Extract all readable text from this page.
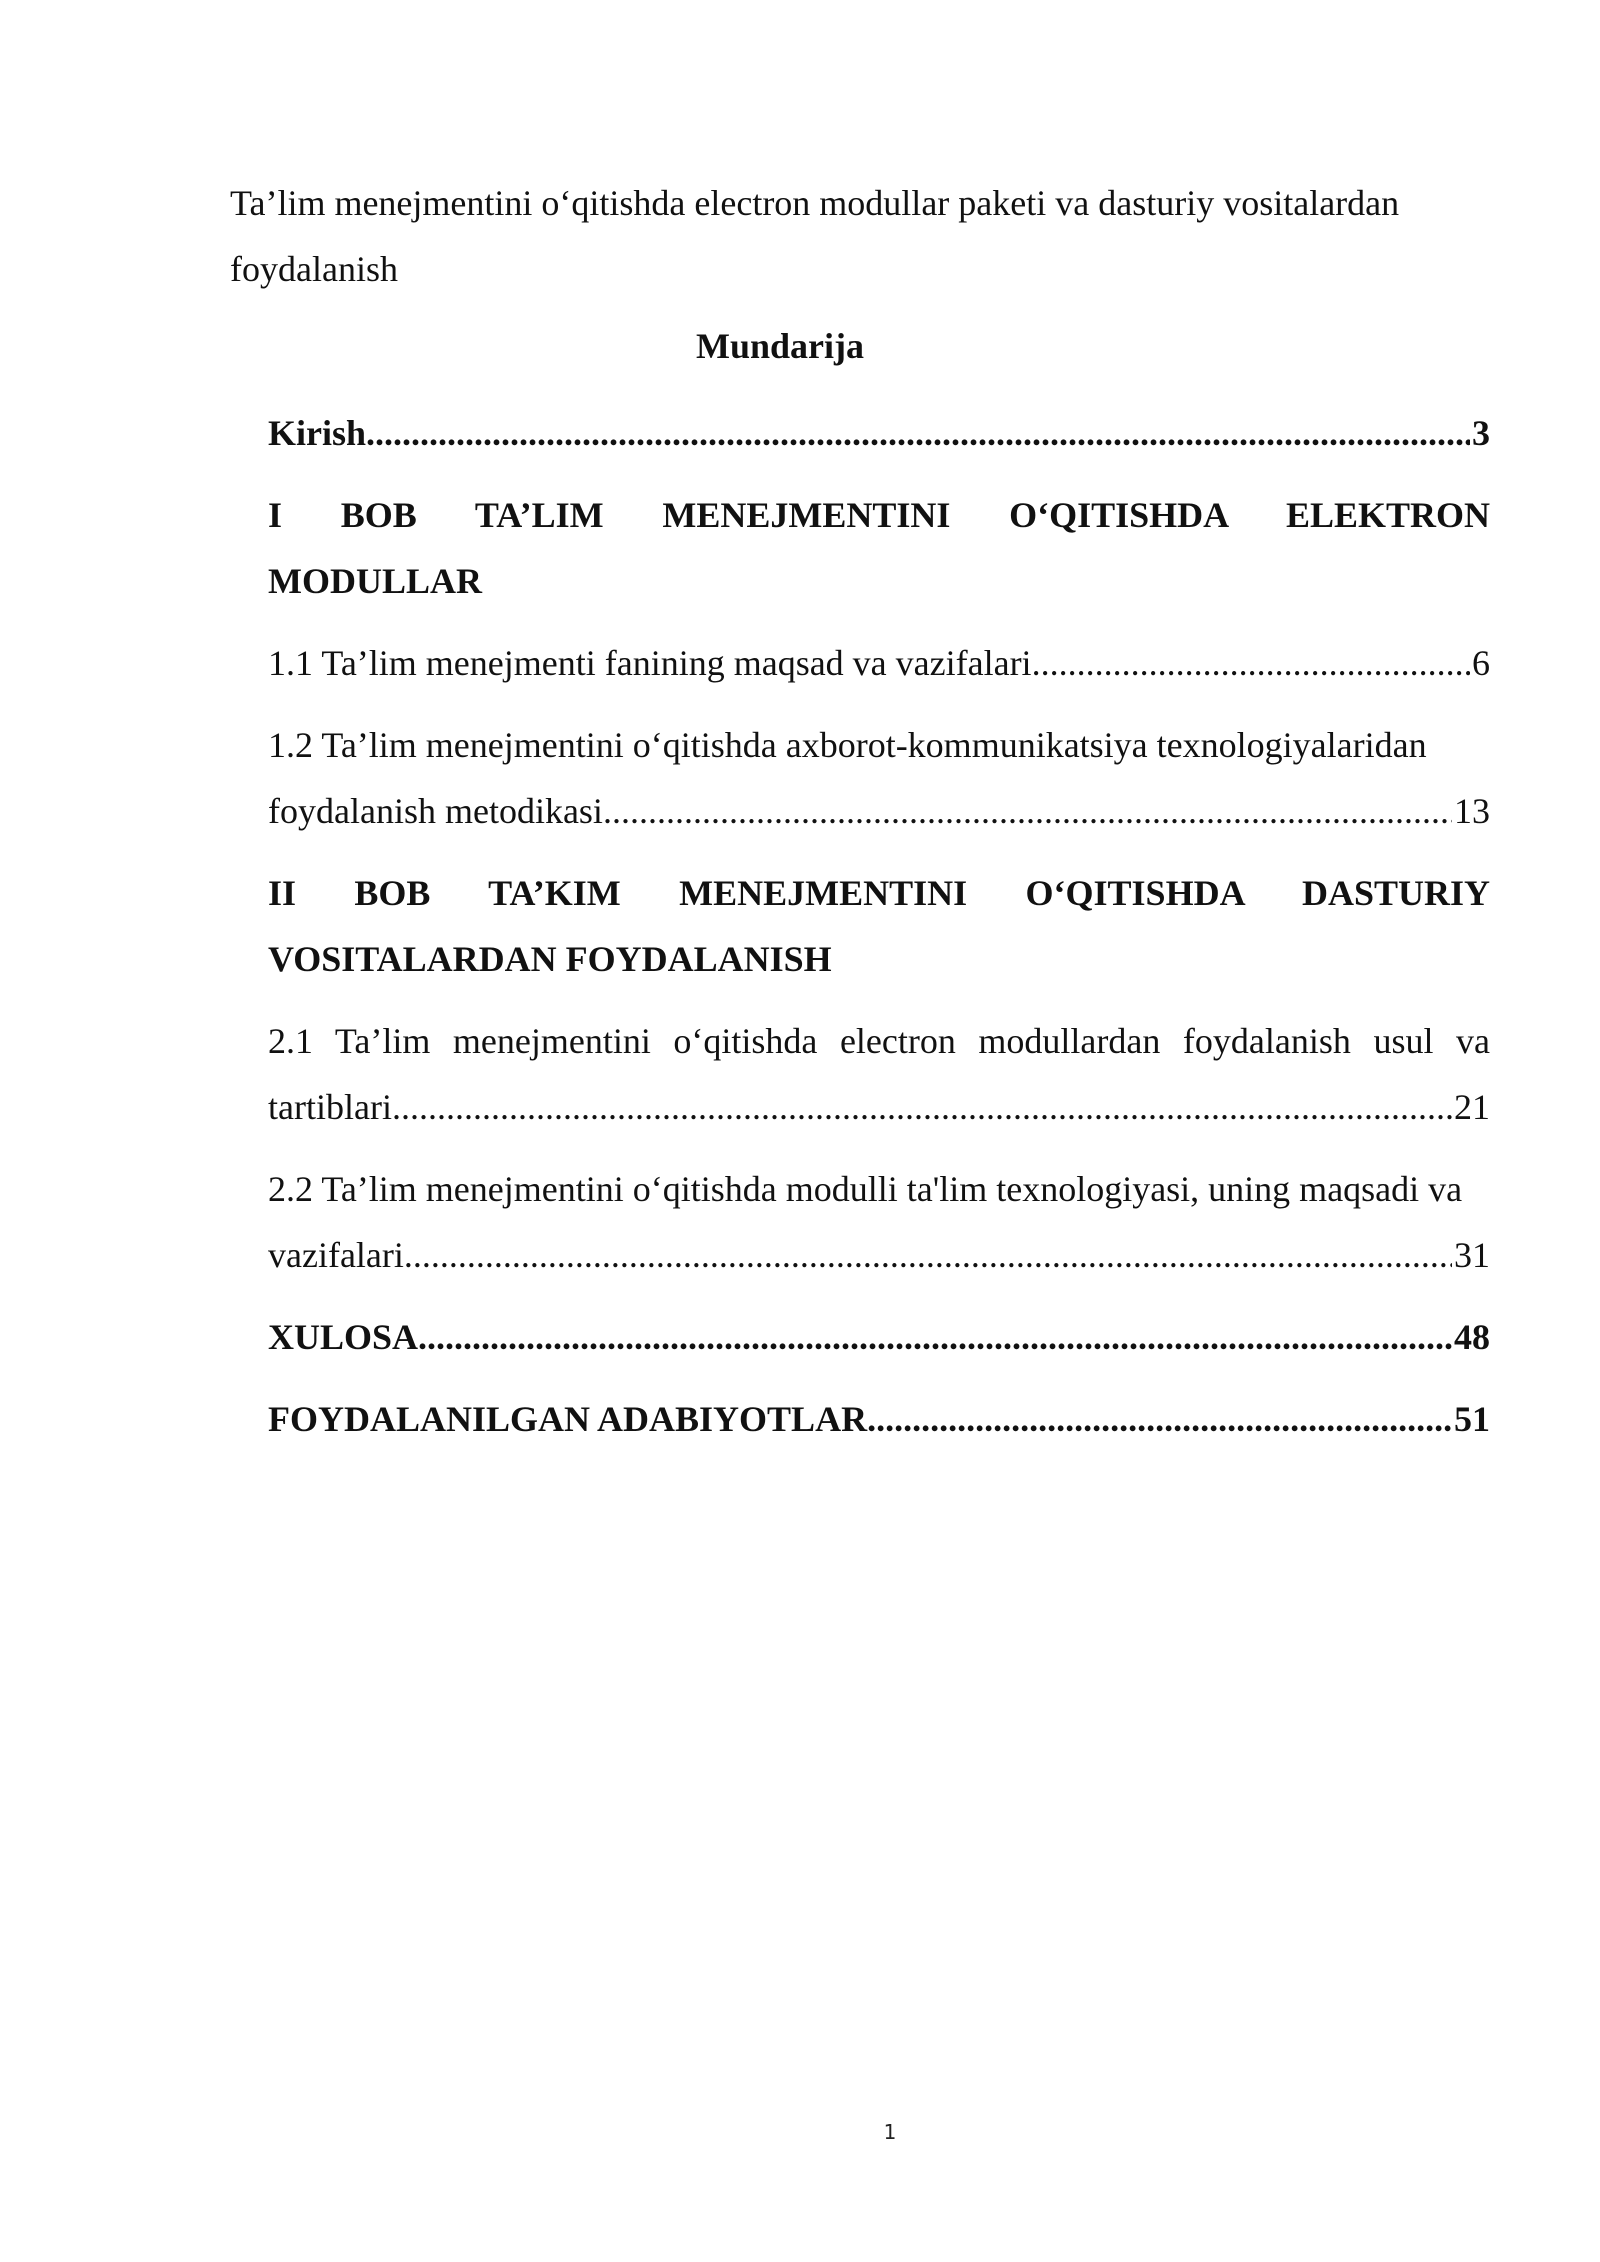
Ta’lim menejmentini o‘qitishda electron modullar paketi va dasturiy vositalardan foydalanish

Mundarija
Kirish .....	3
I BOB TA’LIM MENEJMENTINI O‘QITISHDA ELEKTRON
MODULLAR
1.1 Ta’lim menejmenti fanining maqsad va vazifalari .....	6
1.2 Ta’lim menejmentini o‘qitishda axborot-kommunikatsiya texnologiyalaridan
foydalanish metodikasi .....	13
II BOB TA’KIM MENEJMENTINI O‘QITISHDA DASTURIY
VOSITALARDAN FOYDALANISH
2.1 Ta’lim menejmentini o‘qitishda electron modullardan foydalanish usul va
tartiblari .....	21
2.2 Ta’lim menejmentini o‘qitishda modulli ta'lim texnologiyasi, uning maqsadi va
vazifalari .....	31
XULOSA .....	48
FOYDALANILGAN ADABIYOTLAR .....	51
1
